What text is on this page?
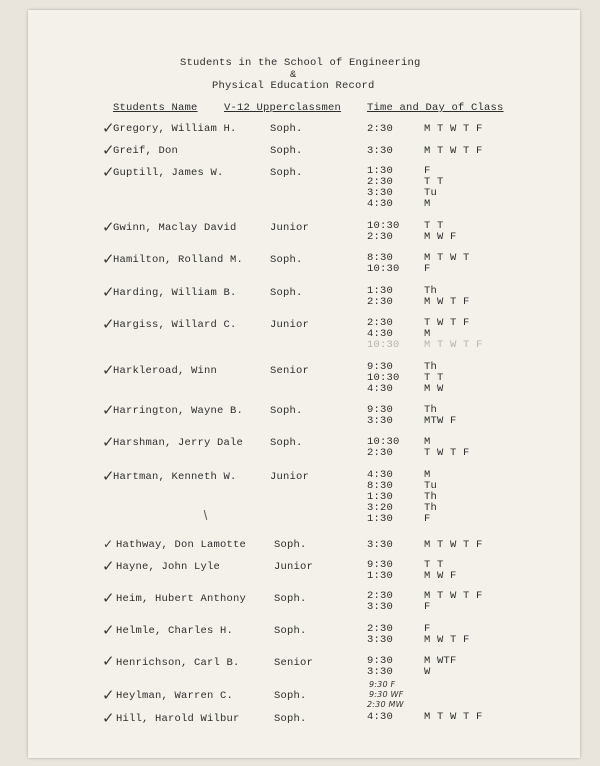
Students in the School of Engineering
&
Physical Education Record
Students Name	V-12 Upperclassmen Time and Day of Class
✓
Gregory, William H.	Soph.	2:30	M T W T F
✓
Greif, Don	Soph.	3:30	M T W T F
✓
Guptill, James W.	Soph.	1:30	F
2:30	T T
3:30	Tu
4:30	M
✓
Gwinn, Maclay David	Junior	10:30 T T
2:30	M W F
✓
Hamilton, Rolland M.	Soph.	8:30	M T W T
10:30 F
✓
Harding, William B.	Soph.	1:30	Th
2:30	M W T F
✓
Hargiss, Willard C.	Junior	2:30	T W T F
4:30	M
10:30 M T W T F
✓
Harkleroad, Winn	Senior	9:30	Th
10:30 T T
4:30	M W
✓
Harrington, Wayne B.	Soph.	9:30	Th
3:30	MTW F
✓
Harshman, Jerry Dale	Soph.	10:30 M
2:30	T W T F
✓
Hartman, Kenneth W.	Junior	4:30	M
8:30	Tu
1:30	Th
3:20	Th
1:30	F
✓ Hathway, Don Lamotte	Soph.	3:30	M T W T F
✓ Hayne, John Lyle	Junior	9:30	T T
1:30	M W F
✓ Heim, Hubert Anthony	Soph.	2:30	M T W T F
3:30	F
✓ Helmle, Charles H.	Soph.	2:30	F
3:30	M W T F
✓ Henrichson, Carl B.	Senior	9:30	M WTF
3:30	W
✓ Heylman, Warren C.	Soph.
9:30 F
9:30 WF
2:30 MW
✓ Hill, Harold Wilbur	Soph.	4:30	M T W T F
